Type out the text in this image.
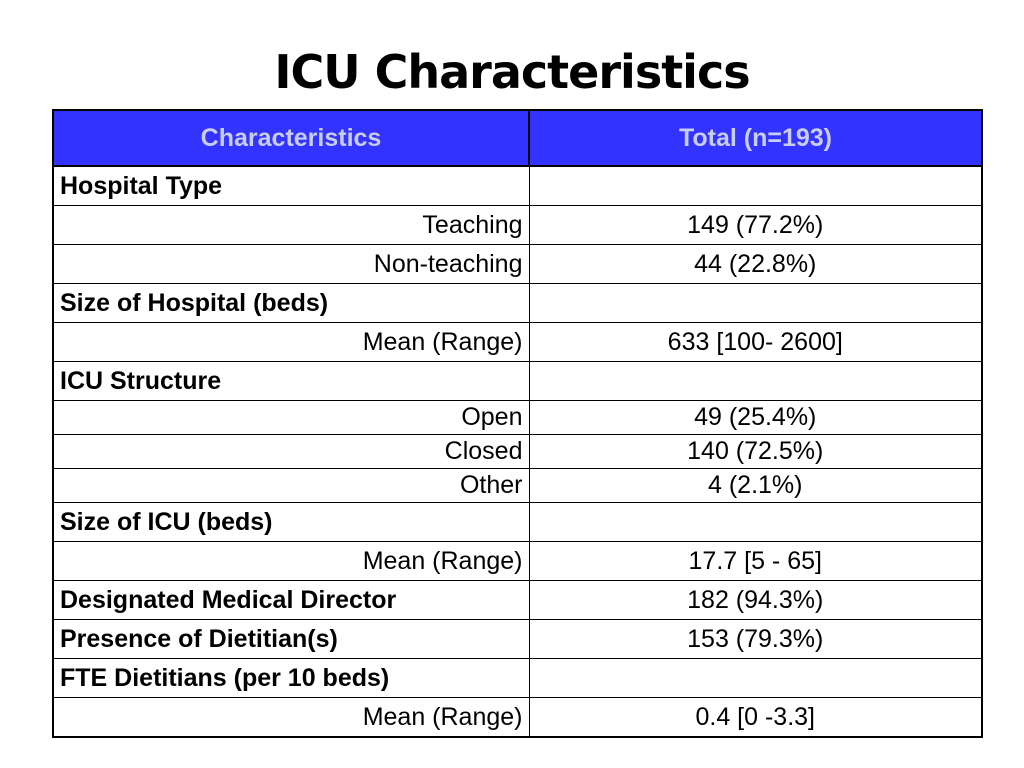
ICU Characteristics
Characteristics	Total (n=193)
Hospital Type	
Teaching	149 (77.2%)
Non-teaching	44 (22.8%)
Size of Hospital (beds)	
Mean (Range)	633 [100- 2600]
ICU Structure	
Open	49 (25.4%)
Closed	140 (72.5%)
Other	4 (2.1%)
Size of ICU (beds)	
Mean (Range)	17.7 [5 - 65]
Designated Medical Director	182 (94.3%)
Presence of Dietitian(s)	153 (79.3%)
FTE Dietitians (per 10 beds)	
Mean (Range)	0.4 [0 -3.3]
